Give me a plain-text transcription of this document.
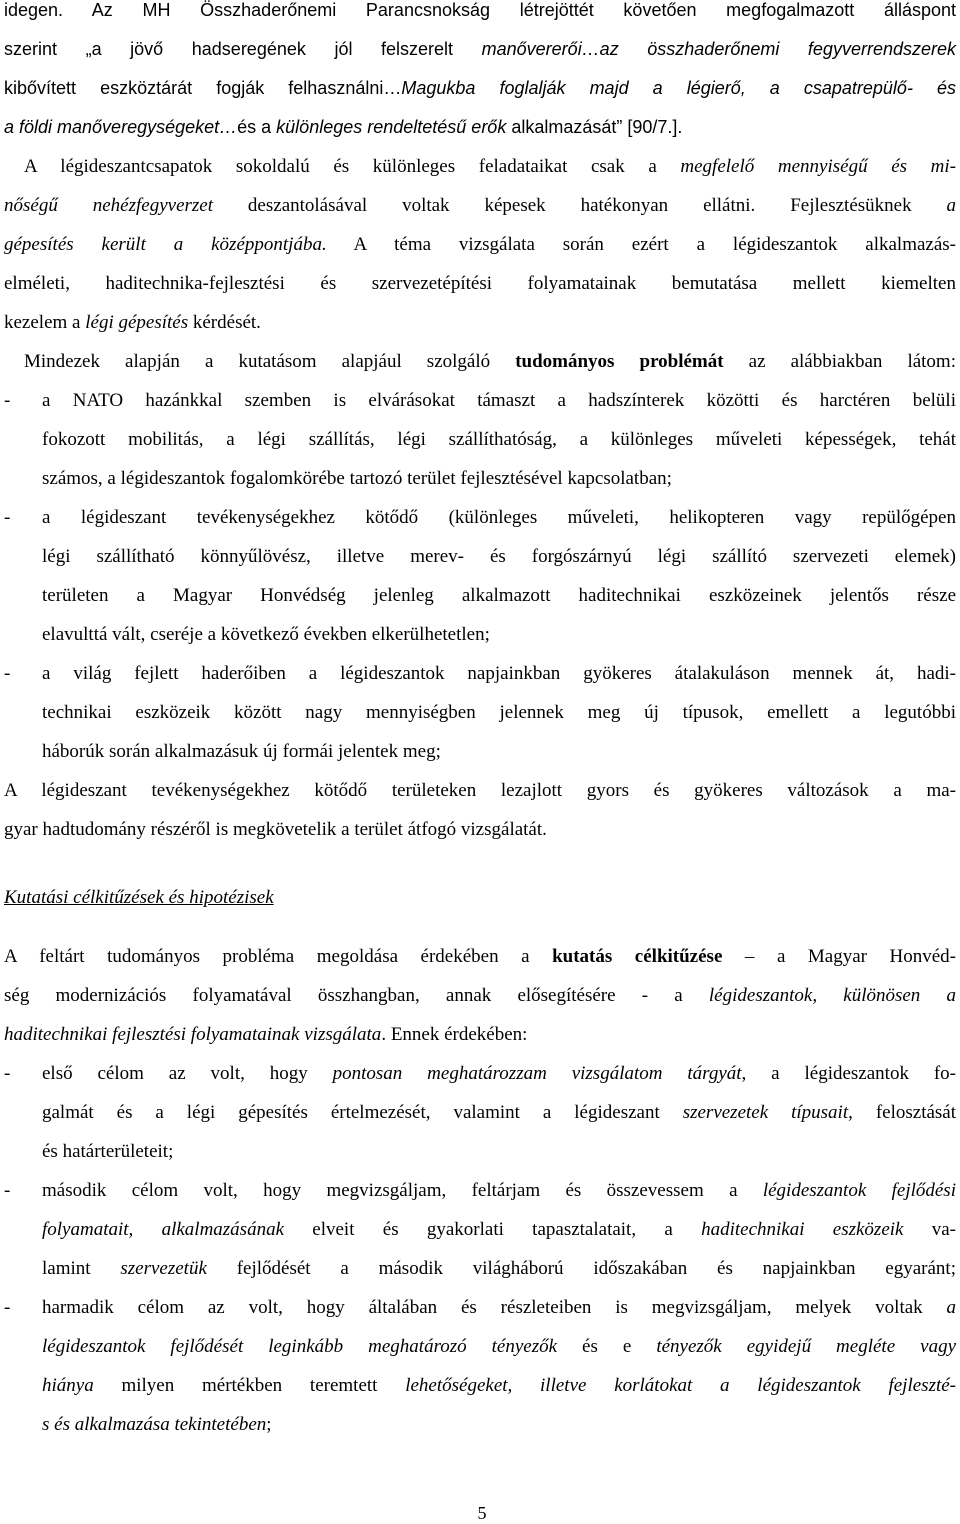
idegen. Az MH Összhaderőnemi Parancsnokság létrejöttét követően megfogalmazott álláspont
szerint „a jövő hadseregének jól felszerelt manővererői…az összhaderőnemi fegyverrendszerek
kibővített eszköztárát fogják felhasználni…Magukba foglalják majd a légierő, a csapatrepülő- és
a földi manőveregységeket…és a különleges rendeltetésű erők alkalmazását” [90/7.].
A légideszantcsapatok sokoldalú és különleges feladataikat csak a megfelelő mennyiségű és mi-
nőségű nehézfegyverzet deszantolásával voltak képesek hatékonyan ellátni. Fejlesztésüknek a
gépesítés került a középpontjába. A téma vizsgálata során ezért a légideszantok alkalmazás-
elméleti, haditechnika-fejlesztési és szervezetépítési folyamatainak bemutatása mellett kiemelten
kezelem a légi gépesítés kérdését.
Mindezek alapján a kutatásom alapjául szolgáló tudományos problémát az alábbiakban látom:
-	a NATO hazánkkal szemben is elvárásokat támaszt a hadszínterek közötti és harctéren belüli
fokozott mobilitás, a légi szállítás, légi szállíthatóság, a különleges műveleti képességek, tehát
számos, a légideszantok fogalomkörébe tartozó terület fejlesztésével kapcsolatban;
-	a légideszant tevékenységekhez kötődő (különleges műveleti, helikopteren vagy repülőgépen
légi szállítható könnyűlövész, illetve merev- és forgószárnyú légi szállító szervezeti elemek)
területen a Magyar Honvédség jelenleg alkalmazott haditechnikai eszközeinek jelentős része
elavulttá vált, cseréje a következő években elkerülhetetlen;
-	a világ fejlett haderőiben a légideszantok napjainkban gyökeres átalakuláson mennek át, hadi-
technikai eszközeik között nagy mennyiségben jelennek meg új típusok, emellett a legutóbbi
háborúk során alkalmazásuk új formái jelentek meg;
A légideszant tevékenységekhez kötődő területeken lezajlott gyors és gyökeres változások a ma-
gyar hadtudomány részéről is megkövetelik a terület átfogó vizsgálatát.
Kutatási célkitűzések és hipotézisek
A feltárt tudományos probléma megoldása érdekében a kutatás célkitűzése – a Magyar Honvéd-
ség modernizációs folyamatával összhangban, annak elősegítésére - a légideszantok, különösen a
haditechnikai fejlesztési folyamatainak vizsgálata. Ennek érdekében:
-	első célom az volt, hogy pontosan meghatározzam vizsgálatom tárgyát, a légideszantok fo-
galmát és a légi gépesítés értelmezését, valamint a légideszant szervezetek típusait, felosztását
és határterületeit;
-	második célom volt, hogy megvizsgáljam, feltárjam és összevessem a légideszantok fejlődési
folyamatait, alkalmazásának elveit és gyakorlati tapasztalatait, a haditechnikai eszközeik va-
lamint szervezetük fejlődését a második világháború időszakában és napjainkban egyaránt;
-	harmadik célom az volt, hogy általában és részleteiben is megvizsgáljam, melyek voltak a
légideszantok fejlődését leginkább meghatározó tényezők és e tényezők egyidejű megléte vagy
hiánya milyen mértékben teremtett lehetőségeket, illetve korlátokat a légideszantok fejleszté-
s és alkalmazása tekintetében;
5
